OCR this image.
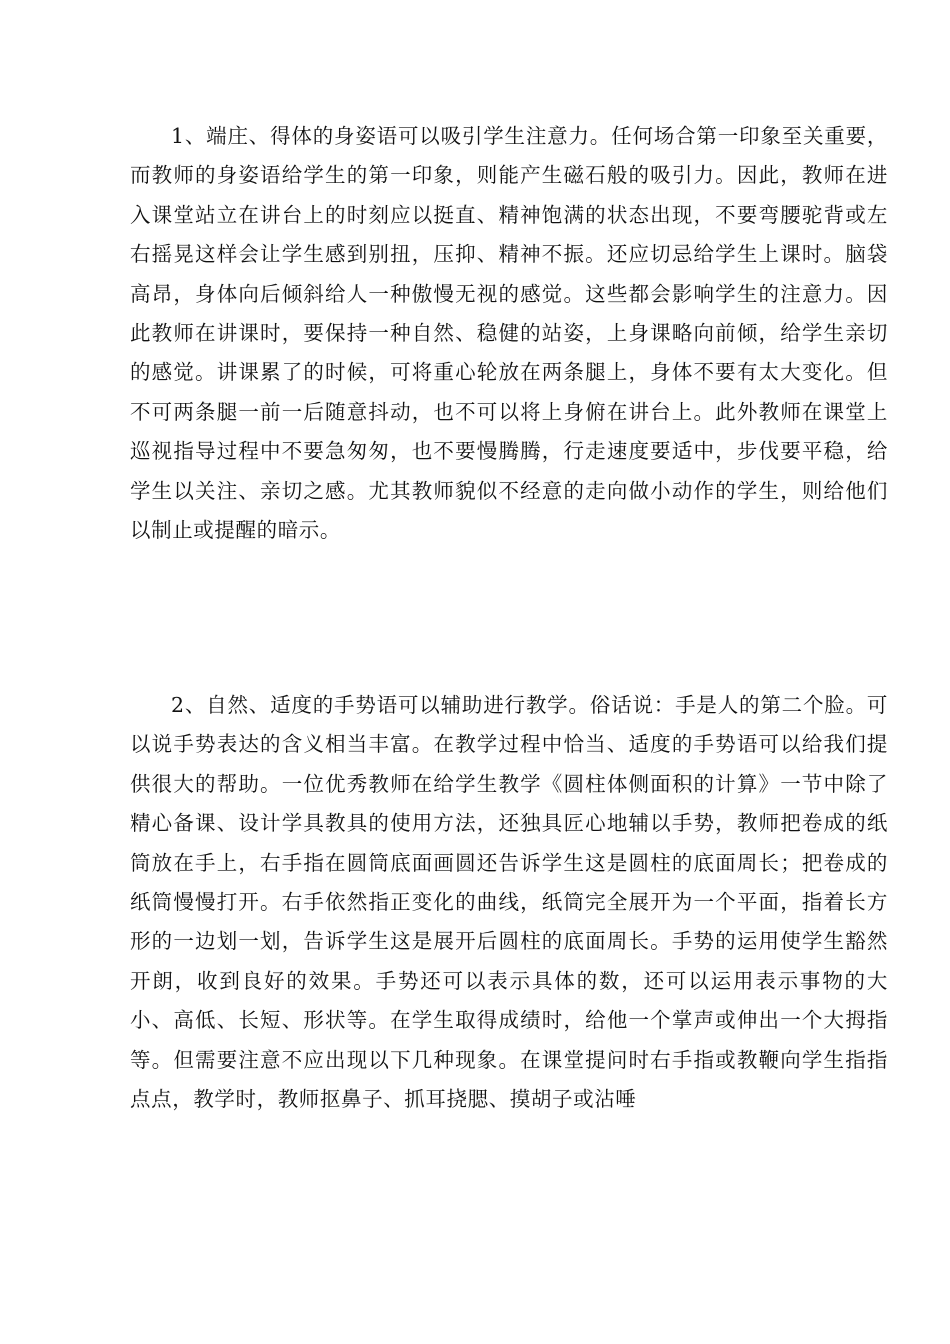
1、端庄、得体的身姿语可以吸引学生注意力。任何场合第一印象至关重要，而教师的身姿语给学生的第一印象，则能产生磁石般的吸引力。因此，教师在进入课堂站立在讲台上的时刻应以挺直、精神饱满的状态出现，不要弯腰驼背或左右摇晃这样会让学生感到别扭，压抑、精神不振。还应切忌给学生上课时。脑袋高昂，身体向后倾斜给人一种傲慢无视的感觉。这些都会影响学生的注意力。因此教师在讲课时，要保持一种自然、稳健的站姿，上身课略向前倾，给学生亲切的感觉。讲课累了的时候，可将重心轮放在两条腿上，身体不要有太大变化。但不可两条腿一前一后随意抖动，也不可以将上身俯在讲台上。此外教师在课堂上巡视指导过程中不要急匆匆，也不要慢腾腾，行走速度要适中，步伐要平稳，给学生以关注、亲切之感。尤其教师貌似不经意的走向做小动作的学生，则给他们以制止或提醒的暗示。

2、自然、适度的手势语可以辅助进行教学。俗话说：手是人的第二个脸。可以说手势表达的含义相当丰富。在教学过程中恰当、适度的手势语可以给我们提供很大的帮助。一位优秀教师在给学生教学《圆柱体侧面积的计算》一节中除了精心备课、设计学具教具的使用方法，还独具匠心地辅以手势，教师把卷成的纸筒放在手上，右手指在圆筒底面画圆还告诉学生这是圆柱的底面周长；把卷成的纸筒慢慢打开。右手依然指正变化的曲线，纸筒完全展开为一个平面，指着长方形的一边划一划，告诉学生这是展开后圆柱的底面周长。手势的运用使学生豁然开朗，收到良好的效果。手势还可以表示具体的数，还可以运用表示事物的大小、高低、长短、形状等。在学生取得成绩时，给他一个掌声或伸出一个大拇指等。但需要注意不应出现以下几种现象。在课堂提问时右手指或教鞭向学生指指点点，教学时，教师抠鼻子、抓耳挠腮、摸胡子或沾唾
